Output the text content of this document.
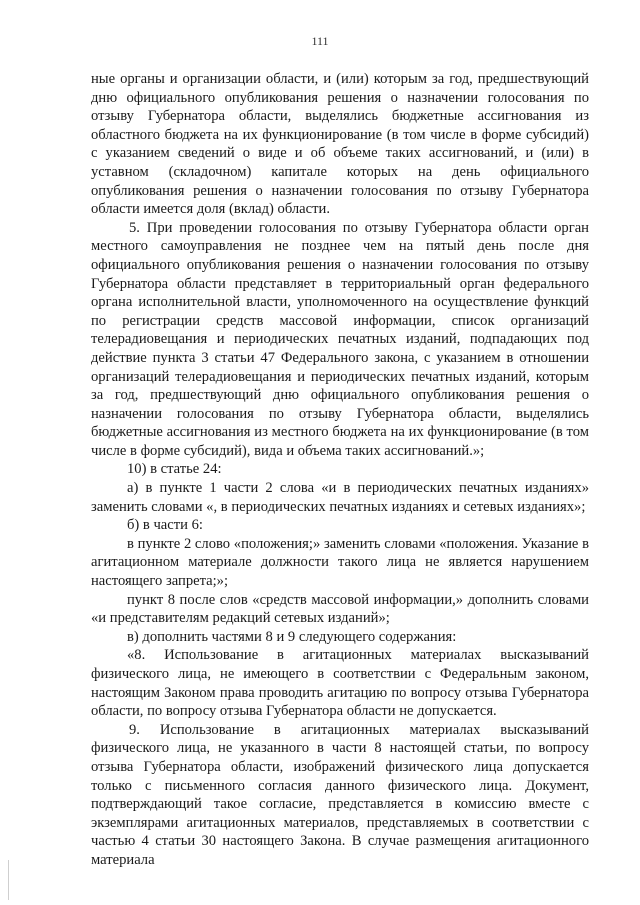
111

ные органы и организации области, и (или) которым за год, предшествующий дню официального опубликования решения о назначении голосования по отзыву Губернатора области, выделялись бюджетные ассигнования из областного бюджета на их функционирование (в том числе в форме субсидий) с указанием сведений о виде и об объеме таких ассигнований, и (или) в уставном (складочном) капитале которых на день официального опубликования решения о назначении голосования по отзыву Губернатора области имеется доля (вклад) области.

5. При проведении голосования по отзыву Губернатора области орган местного самоуправления не позднее чем на пятый день после дня официального опубликования решения о назначении голосования по отзыву Губернатора области представляет в территориальный орган федерального органа исполнительной власти, уполномоченного на осуществление функций по регистрации средств массовой информации, список организаций телерадиовещания и периодических печатных изданий, подпадающих под действие пункта 3 статьи 47 Федерального закона, с указанием в отношении организаций телерадиовещания и периодических печатных изданий, которым за год, предшествующий дню официального опубликования решения о назначении голосования по отзыву Губернатора области, выделялись бюджетные ассигнования из местного бюджета на их функционирование (в том числе в форме субсидий), вида и объема таких ассигнований.»;

10) в статье 24:

а) в пункте 1 части 2 слова «и в периодических печатных изданиях» заменить словами «, в периодических печатных изданиях и сетевых изданиях»;

б) в части 6:

в пункте 2 слово «положения;» заменить словами «положения. Указание в агитационном материале должности такого лица не является нарушением настоящего запрета;»;

пункт 8 после слов «средств массовой информации,» дополнить словами «и представителям редакций сетевых изданий»;

в) дополнить частями 8 и 9 следующего содержания:

«8. Использование в агитационных материалах высказываний физического лица, не имеющего в соответствии с Федеральным законом, настоящим Законом права проводить агитацию по вопросу отзыва Губернатора области, по вопросу отзыва Губернатора области не допускается.

9. Использование в агитационных материалах высказываний физического лица, не указанного в части 8 настоящей статьи, по вопросу отзыва Губернатора области, изображений физического лица допускается только с письменного согласия данного физического лица. Документ, подтверждающий такое согласие, представляется в комиссию вместе с экземплярами агитационных материалов, представляемых в соответствии с частью 4 статьи 30 настоящего Закона. В случае размещения агитационного материала
